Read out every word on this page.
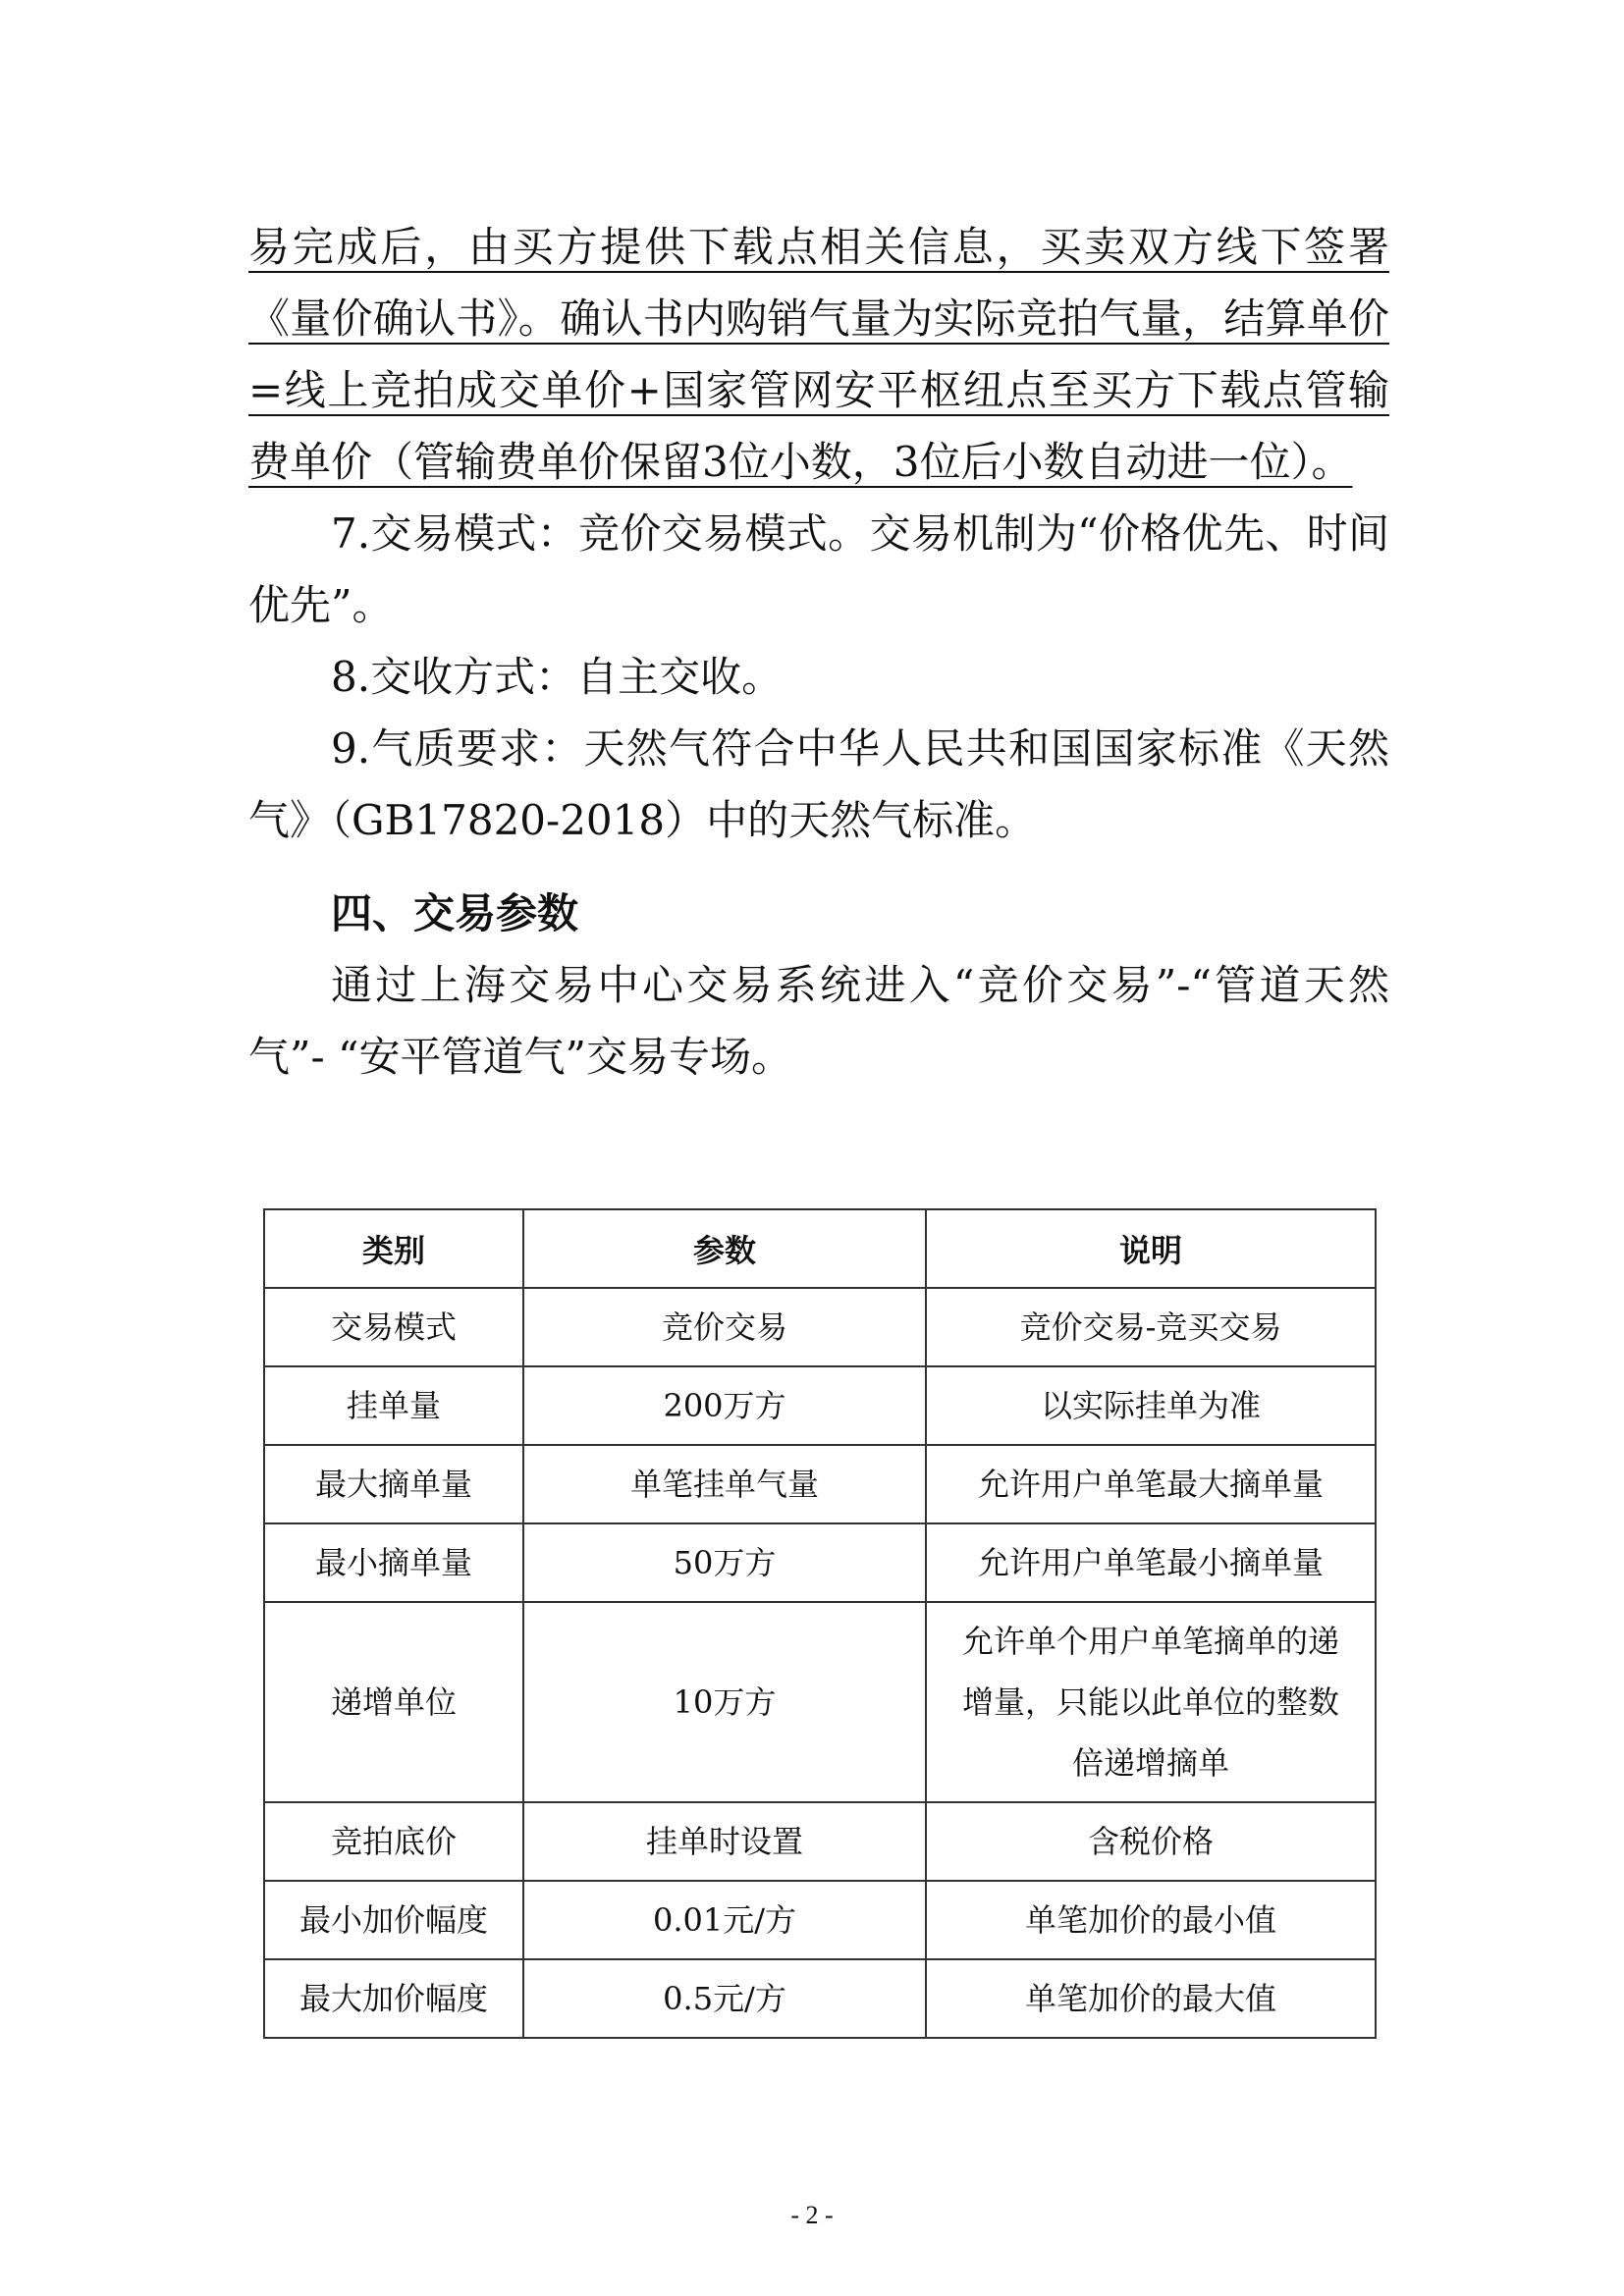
易完成后，由买方提供下载点相关信息，买卖双方线下签署《量价确认书》。确认书内购销气量为实际竞拍气量，结算单价=线上竞拍成交单价+国家管网安平枢纽点至买方下载点管输费单价（管输费单价保留3位小数，3位后小数自动进一位）。

7.交易模式：竞价交易模式。交易机制为“价格优先、时间优先”。

8.交收方式：自主交收。

9.气质要求：天然气符合中华人民共和国国家标准《天然气》（GB17820-2018）中的天然气标准。

四、交易参数

通过上海交易中心交易系统进入“竞价交易”-“管道天然气”- “安平管道气”交易专场。

类别	参数	说明
交易模式	竞价交易	竞价交易-竞买交易
挂单量	200万方	以实际挂单为准
最大摘单量	单笔挂单气量	允许用户单笔最大摘单量
最小摘单量	50万方	允许用户单笔最小摘单量
递增单位	10万方	允许单个用户单笔摘单的递增量，只能以此单位的整数倍递增摘单
竞拍底价	挂单时设置	含税价格
最小加价幅度	0.01元/方	单笔加价的最小值
最大加价幅度	0.5元/方	单笔加价的最大值
- 2 -
